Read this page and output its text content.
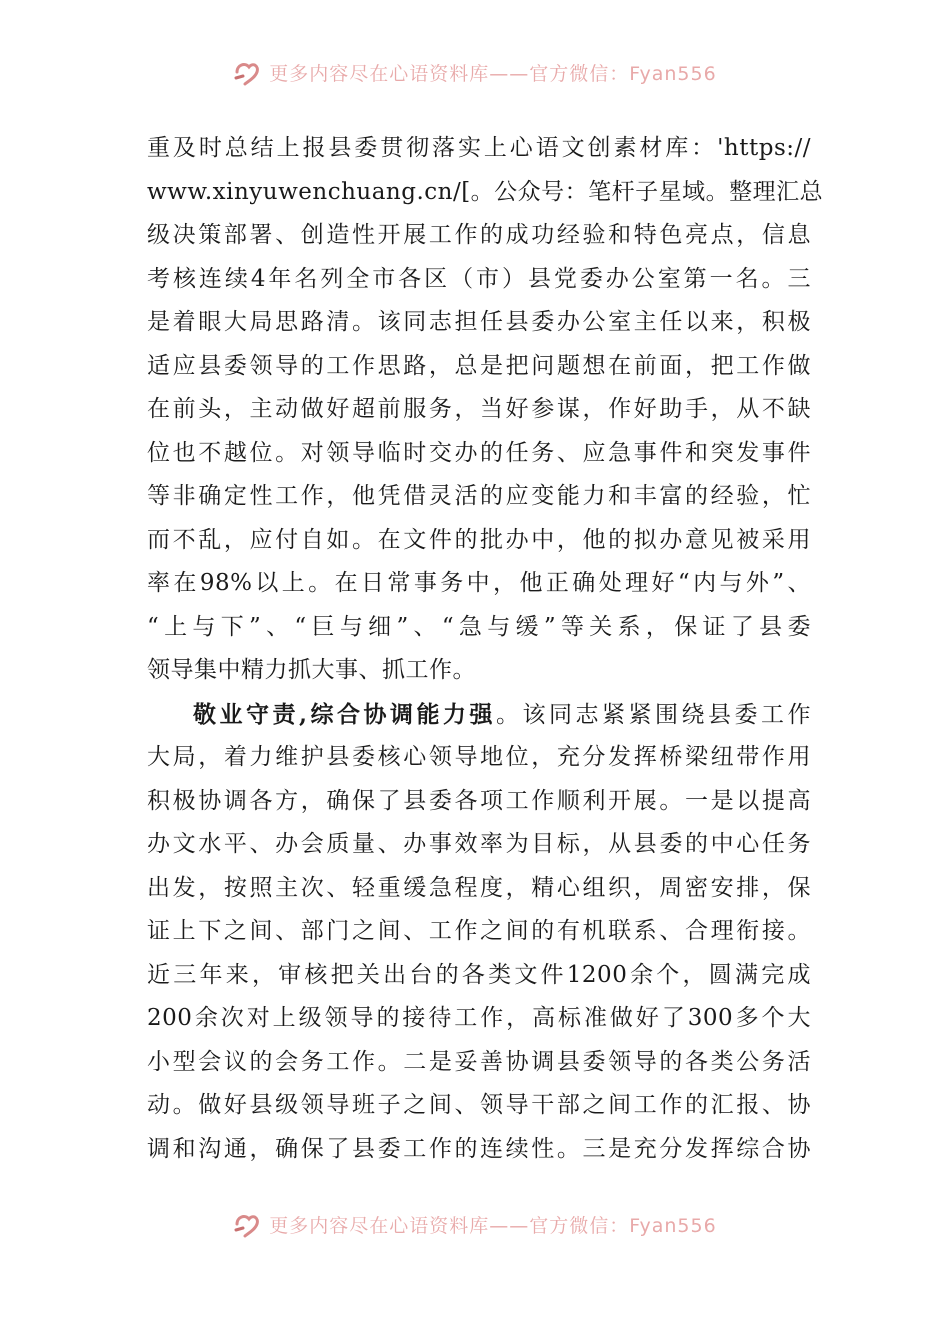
更多内容尽在心语资料库——官方微信：Fyan556
重及时总结上报县委贯彻落实上心语文创素材库：'https://
www.xinyuwenchuang.cn/[。公众号：笔杆子星域。整理汇总
级决策部署、创造性开展工作的成功经验和特色亮点，信息
考核连续4年名列全市各区（市）县党委办公室第一名。三
是着眼大局思路清。该同志担任县委办公室主任以来，积极
适应县委领导的工作思路，总是把问题想在前面，把工作做
在前头，主动做好超前服务，当好参谋，作好助手，从不缺
位也不越位。对领导临时交办的任务、应急事件和突发事件
等非确定性工作，他凭借灵活的应变能力和丰富的经验，忙
而不乱，应付自如。在文件的批办中，他的拟办意见被采用
率在98%以上。在日常事务中，他正确处理好“内与外”、
“上与下”、“巨与细”、“急与缓”等关系，保证了县委
领导集中精力抓大事、抓工作。
敬业守责,综合协调能力强。该同志紧紧围绕县委工作
大局，着力维护县委核心领导地位，充分发挥桥梁纽带作用
积极协调各方，确保了县委各项工作顺利开展。一是以提高
办文水平、办会质量、办事效率为目标，从县委的中心任务
出发，按照主次、轻重缓急程度，精心组织，周密安排，保
证上下之间、部门之间、工作之间的有机联系、合理衔接。
近三年来，审核把关出台的各类文件1200余个，圆满完成
200余次对上级领导的接待工作，高标准做好了300多个大
小型会议的会务工作。二是妥善协调县委领导的各类公务活
动。做好县级领导班子之间、领导干部之间工作的汇报、协
调和沟通，确保了县委工作的连续性。三是充分发挥综合协
更多内容尽在心语资料库——官方微信：Fyan556
